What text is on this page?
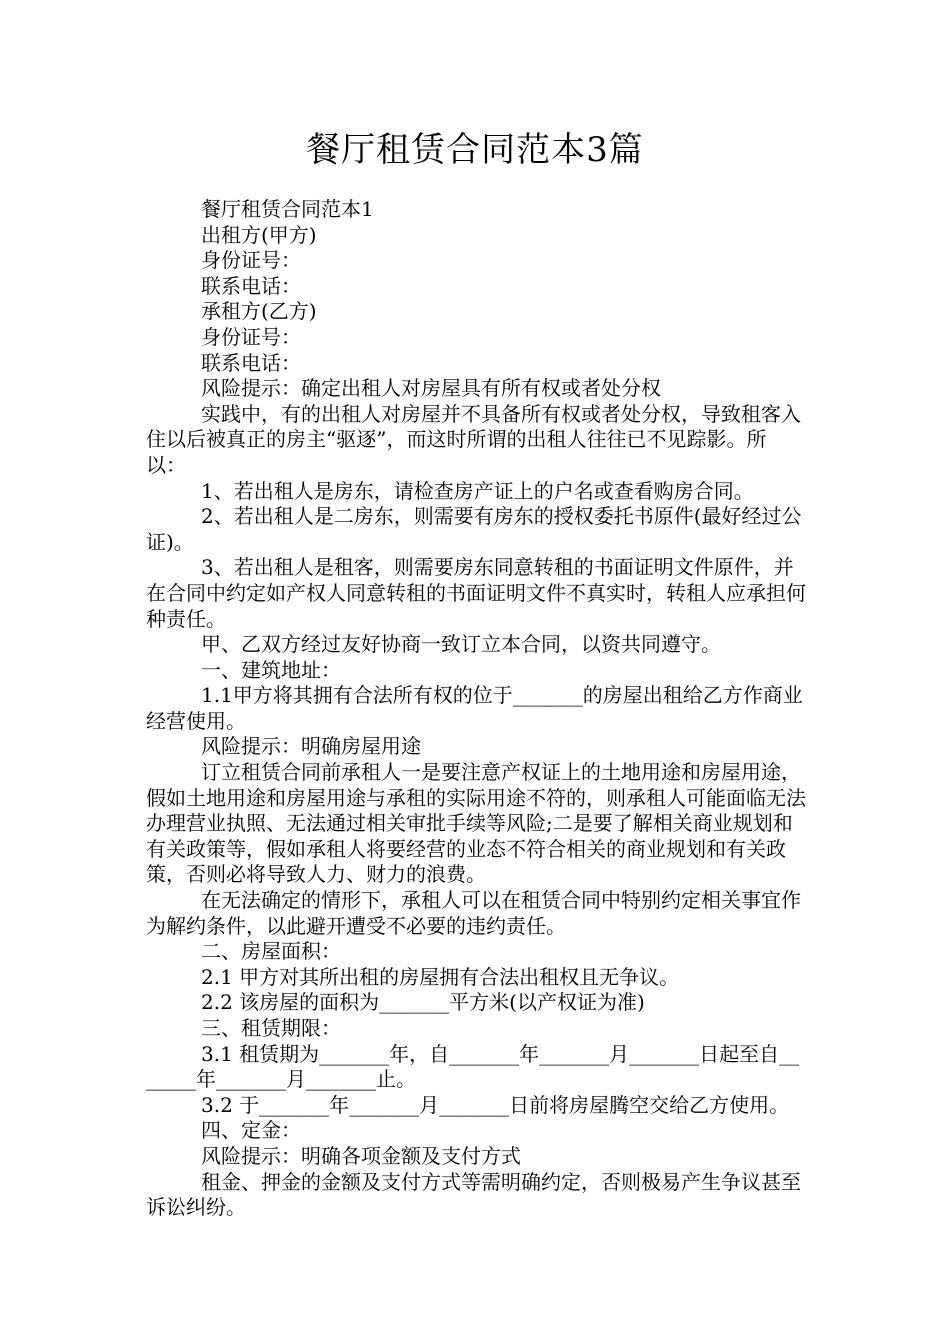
餐厅租赁合同范本3篇

餐厅租赁合同范本1

出租方(甲方)

身份证号：

联系电话：

承租方(乙方)

身份证号：

联系电话：

风险提示：确定出租人对房屋具有所有权或者处分权

实践中，有的出租人对房屋并不具备所有权或者处分权，导致租客入住以后被真正的房主“驱逐”，而这时所谓的出租人往往已不见踪影。所以：

1、若出租人是房东，请检查房产证上的户名或查看购房合同。

2、若出租人是二房东，则需要有房东的授权委托书原件(最好经过公证)。

3、若出租人是租客，则需要房东同意转租的书面证明文件原件，并在合同中约定如产权人同意转租的书面证明文件不真实时，转租人应承担何种责任。

甲、乙双方经过友好协商一致订立本合同，以资共同遵守。

一、建筑地址：

1.1甲方将其拥有合法所有权的位于_______的房屋出租给乙方作商业经营使用。

风险提示：明确房屋用途

订立租赁合同前承租人一是要注意产权证上的土地用途和房屋用途，假如土地用途和房屋用途与承租的实际用途不符的，则承租人可能面临无法办理营业执照、无法通过相关审批手续等风险;二是要了解相关商业规划和有关政策等，假如承租人将要经营的业态不符合相关的商业规划和有关政策，否则必将导致人力、财力的浪费。

在无法确定的情形下，承租人可以在租赁合同中特别约定相关事宜作为解约条件，以此避开遭受不必要的违约责任。

二、房屋面积：

2.1 甲方对其所出租的房屋拥有合法出租权且无争议。

2.2 该房屋的面积为_______平方米(以产权证为准)

三、租赁期限：

3.1 租赁期为_______年，自_______年_______月_______日起至自_______年_______月_______止。

3.2 于_______年_______月_______日前将房屋腾空交给乙方使用。

四、定金：

风险提示：明确各项金额及支付方式

租金、押金的金额及支付方式等需明确约定，否则极易产生争议甚至诉讼纠纷。
